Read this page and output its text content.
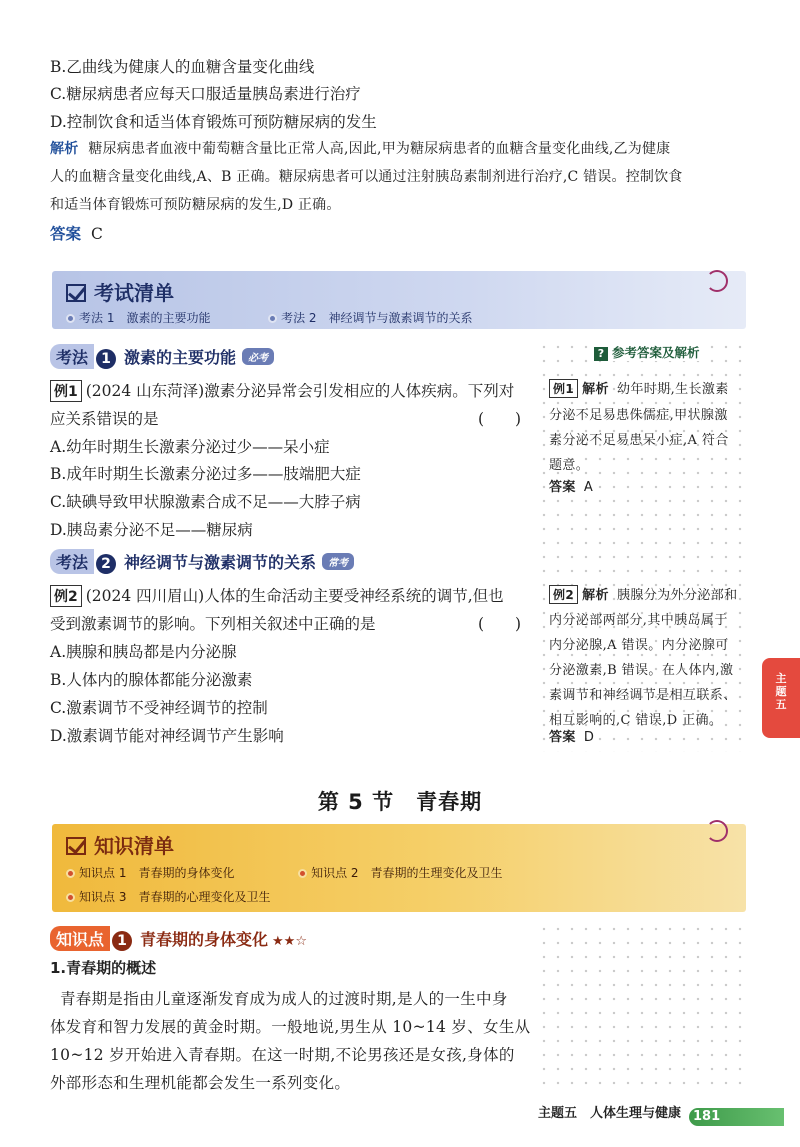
B.乙曲线为健康人的血糖含量变化曲线
C.糖尿病患者应每天口服适量胰岛素进行治疗
D.控制饮食和适当体育锻炼可预防糖尿病的发生
解析 糖尿病患者血液中葡萄糖含量比正常人高,因此,甲为糖尿病患者的血糖含量变化曲线,乙为健康
人的血糖含量变化曲线,A、B 正确。糖尿病患者可以通过注射胰岛素制剂进行治疗,C 错误。控制饮食
和适当体育锻炼可预防糖尿病的发生,D 正确。
答案 C
考试清单
考法 1　激素的主要功能	考法 2　神经调节与激素调节的关系
考法 1 激素的主要功能 必考
例1 (2024 山东菏泽)激素分泌异常会引发相应的人体疾病。下列对
应关系错误的是	(　　)
A.幼年时期生长激素分泌过少——呆小症
B.成年时期生长激素分泌过多——肢端肥大症
C.缺碘导致甲状腺激素合成不足——大脖子病
D.胰岛素分泌不足——糖尿病
考法 2 神经调节与激素调节的关系 常考
例2 (2024 四川眉山)人体的生命活动主要受神经系统的调节,但也
受到激素调节的影响。下列相关叙述中正确的是	(　　)
A.胰腺和胰岛都是内分泌腺
B.人体内的腺体都能分泌激素
C.激素调节不受神经调节的控制
D.激素调节能对神经调节产生影响
? 参考答案及解析
例1 解析 幼年时期,生长激素
分泌不足易患侏儒症,甲状腺激
素分泌不足易患呆小症,A 符合
题意。
答案 A
例2 解析 胰腺分为外分泌部和
内分泌部两部分,其中胰岛属于
内分泌腺,A 错误。内分泌腺可
分泌激素,B 错误。在人体内,激
素调节和神经调节是相互联系、
相互影响的,C 错误,D 正确。
答案 D
主
题
五
第 5 节　青春期
知识清单
知识点 1　青春期的身体变化	知识点 2　青春期的生理变化及卫生
知识点 3　青春期的心理变化及卫生
知识点 1 青春期的身体变化 ★★☆
1.青春期的概述
青春期是指由儿童逐渐发育成为成人的过渡时期,是人的一生中身
体发育和智力发展的黄金时期。一般地说,男生从 10~14 岁、女生从
10~12 岁开始进入青春期。在这一时期,不论男孩还是女孩,身体的
外部形态和生理机能都会发生一系列变化。
主题五　人体生理与健康 181
